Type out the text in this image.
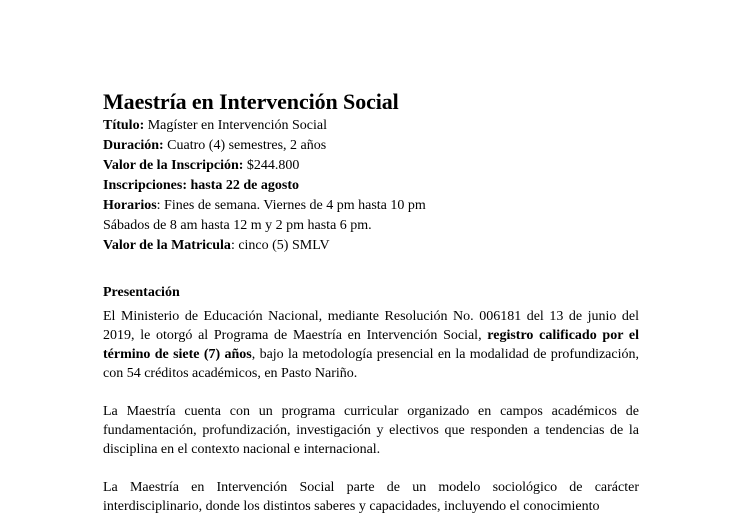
Maestría en Intervención Social
Título: Magíster en Intervención Social
Duración: Cuatro (4) semestres, 2 años
Valor de la Inscripción: $244.800
Inscripciones: hasta 22 de agosto
Horarios: Fines de semana. Viernes de 4 pm hasta 10 pm
Sábados de 8 am hasta 12 m y 2 pm hasta 6 pm.
Valor de la Matricula: cinco (5) SMLV
Presentación

El Ministerio de Educación Nacional, mediante Resolución No. 006181 del 13 de junio del 2019, le otorgó al Programa de Maestría en Intervención Social, registro calificado por el término de siete (7) años, bajo la metodología presencial en la modalidad de profundización, con 54 créditos académicos, en Pasto Nariño.

La Maestría cuenta con un programa curricular organizado en campos académicos de fundamentación, profundización, investigación y electivos que responden a tendencias de la disciplina en el contexto nacional e internacional.

La Maestría en Intervención Social parte de un modelo sociológico de carácter interdisciplinario, donde los distintos saberes y capacidades, incluyendo el conocimiento
